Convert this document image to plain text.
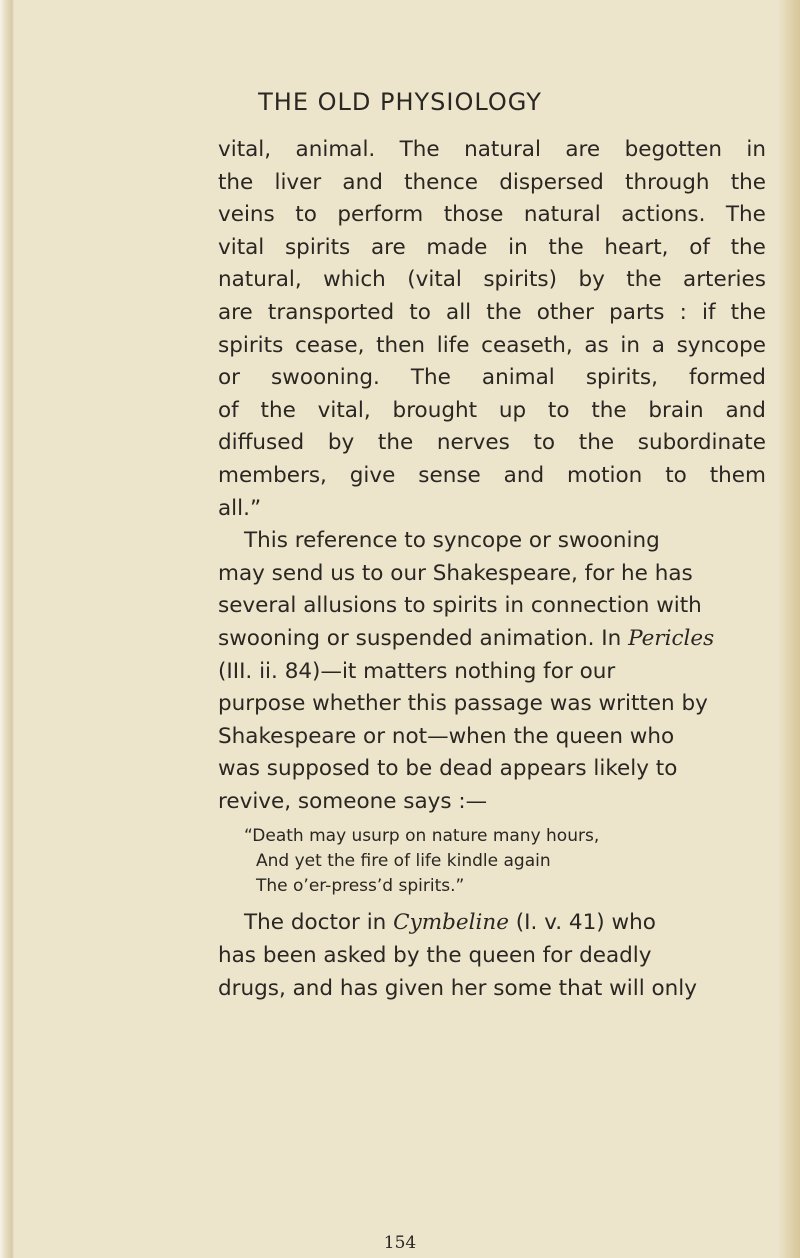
THE OLD PHYSIOLOGY
vital, animal. The natural are begotten in
the liver and thence dispersed through the
veins to perform those natural actions. The
vital spirits are made in the heart, of the
natural, which (vital spirits) by the arteries
are transported to all the other parts : if the
spirits cease, then life ceaseth, as in a syncope
or swooning. The animal spirits, formed
of the vital, brought up to the brain and
diffused by the nerves to the subordinate
members, give sense and motion to them
all.”
This reference to syncope or swooning
may send us to our Shakespeare, for he has
several allusions to spirits in connection with
swooning or suspended animation. In Pericles
(III. ii. 84)—it matters nothing for our
purpose whether this passage was written by
Shakespeare or not—when the queen who
was supposed to be dead appears likely to
revive, someone says :—
“Death may usurp on nature many hours,
And yet the fire of life kindle again
The o’er-press’d spirits.”
The doctor in Cymbeline (I. v. 41) who
has been asked by the queen for deadly
drugs, and has given her some that will only
154
